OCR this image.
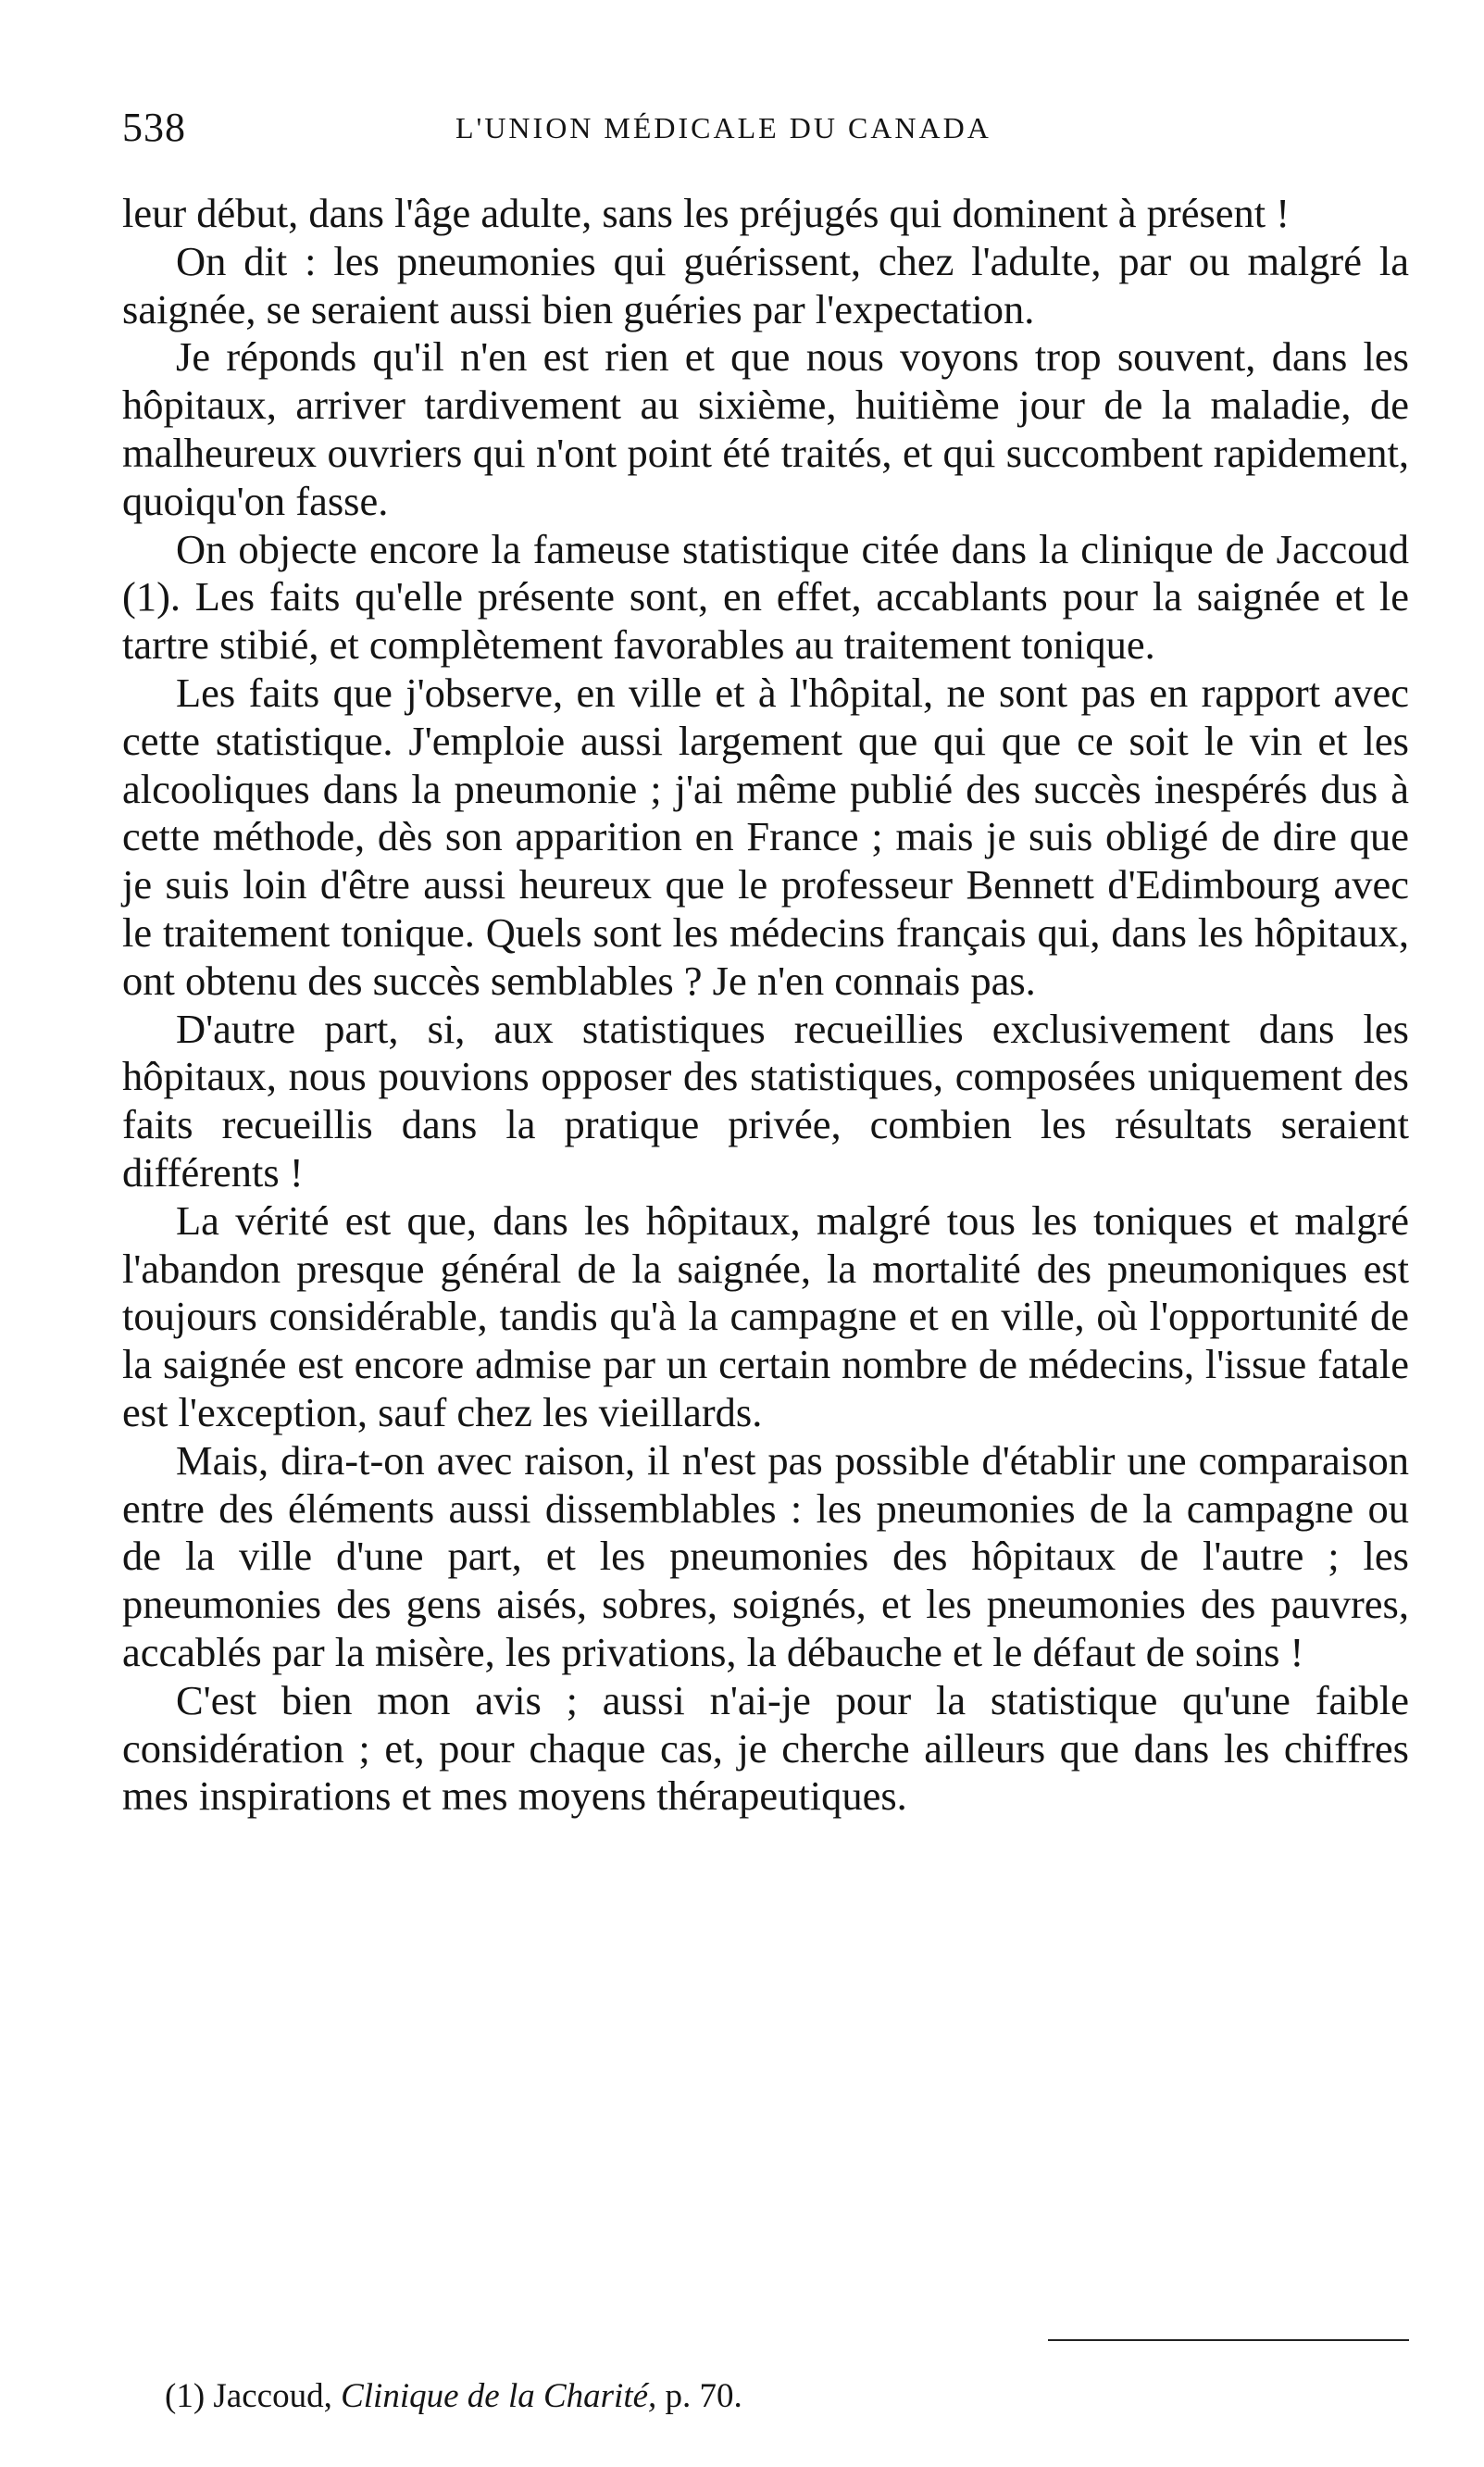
538	L'UNION MÉDICALE DU CANADA

leur début, dans l'âge adulte, sans les préjugés qui dominent à présent !

On dit : les pneumonies qui guérissent, chez l'adulte, par ou malgré la saignée, se seraient aussi bien guéries par l'expectation.

Je réponds qu'il n'en est rien et que nous voyons trop souvent, dans les hôpitaux, arriver tardivement au sixième, huitième jour de la maladie, de malheureux ouvriers qui n'ont point été traités, et qui succombent rapidement, quoiqu'on fasse.

On objecte encore la fameuse statistique citée dans la clinique de Jaccoud (1). Les faits qu'elle présente sont, en effet, accablants pour la saignée et le tartre stibié, et complètement favorables au traitement tonique.

Les faits que j'observe, en ville et à l'hôpital, ne sont pas en rapport avec cette statistique. J'emploie aussi largement que qui que ce soit le vin et les alcooliques dans la pneumonie ; j'ai même publié des succès inespérés dus à cette méthode, dès son apparition en France ; mais je suis obligé de dire que je suis loin d'être aussi heureux que le professeur Bennett d'Edimbourg avec le traitement tonique. Quels sont les médecins français qui, dans les hôpitaux, ont obtenu des succès semblables ? Je n'en connais pas.

D'autre part, si, aux statistiques recueillies exclusivement dans les hôpitaux, nous pouvions opposer des statistiques, composées uniquement des faits recueillis dans la pratique privée, combien les résultats seraient différents !

La vérité est que, dans les hôpitaux, malgré tous les toniques et malgré l'abandon presque général de la saignée, la mortalité des pneumoniques est toujours considérable, tandis qu'à la campagne et en ville, où l'opportunité de la saignée est encore admise par un certain nombre de médecins, l'issue fatale est l'exception, sauf chez les vieillards.

Mais, dira-t-on avec raison, il n'est pas possible d'établir une comparaison entre des éléments aussi dissemblables : les pneumonies de la campagne ou de la ville d'une part, et les pneumonies des hôpitaux de l'autre ; les pneumonies des gens aisés, sobres, soignés, et les pneumonies des pauvres, accablés par la misère, les privations, la débauche et le défaut de soins !

C'est bien mon avis ; aussi n'ai-je pour la statistique qu'une faible considération ; et, pour chaque cas, je cherche ailleurs que dans les chiffres mes inspirations et mes moyens thérapeutiques.

(1) Jaccoud, Clinique de la Charité, p. 70.
